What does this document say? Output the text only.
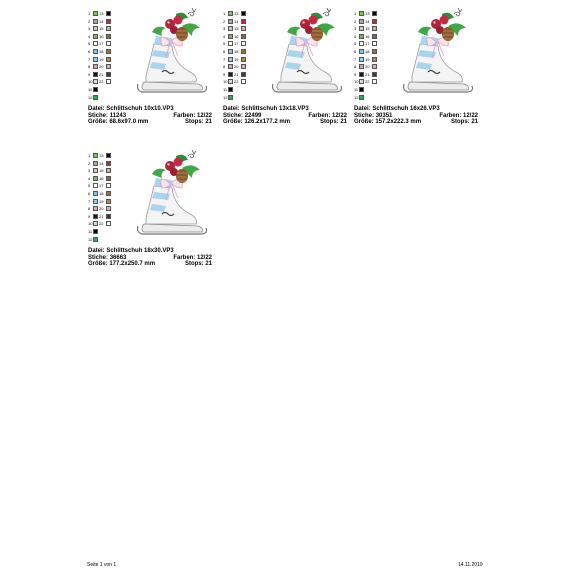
1 13
2 14
3 15
4 16
5 17
6 18
7 19
8 20
9 21
10 22
11
12
Datei: Schlittschuh 10x10.VP3
Stiche: 11243	Farben: 12/22
Größe: 68.6x97.0 mm	Stops: 21
1 13
2 14
3 15
4 16
5 17
6 18
7 19
8 20
9 21
10 22
11
12
Datei: Schlittschuh 13x18.VP3
Stiche: 22499	Farben: 12/22
Größe: 126.2x177.2 mm	Stops: 21
1 13
2 14
3 15
4 16
5 17
6 18
7 19
8 20
9 21
10 22
11
12
Datei: Schlittschuh 16x26.VP3
Stiche: 30351	Farben: 12/22
Größe: 157.2x222.3 mm	Stops: 21
1 13
2 14
3 15
4 16
5 17
6 18
7 19
8 20
9 21
10 22
11
12
Datei: Schlittschuh 18x30.VP3
Stiche: 36663	Farben: 12/22
Größe: 177.2x250.7 mm	Stops: 21
Seite 1 von 1	14.11.2019
